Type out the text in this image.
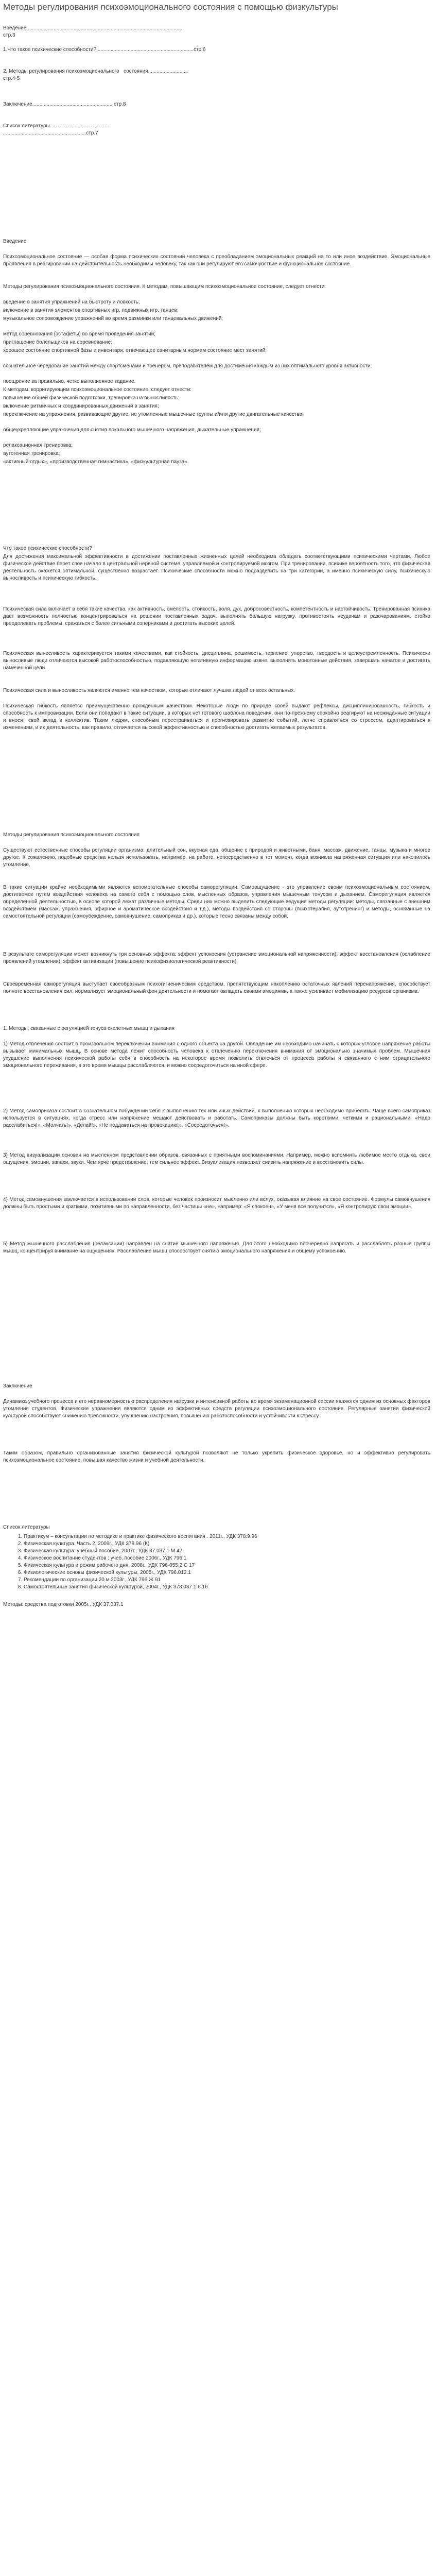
Методы регулирования психоэмоционального состояния с помощью физкультуры

Введение.............................................................................................................

стр.3

1.Что такое психические способности?....................................................................стр.6

2. Методы регулирования психоэмоционального   состояния............................

стр.4-5

Заключение.........................................................стр.8

Список литературы...........................................

..........................................................стр.7

Введение

Психоэмоциональное состояние — особая форма психических состояний человека с преобладанием эмоциональных реакций на то или иное воздействие. Эмоциональные проявления в реагировании на действительность необходимы человеку, так как они регулируют его самочувствие и функциональное состояние.

Методы регулирования психоэмоционального состояния. К методам, повышающим психоэмоциональное состояние, следует отнести:

введение в занятия упражнений на быстроту и ловкость;

включение в занятия элементов спортивных игр, подвижных игр, танцев;

музыкальное сопровождение упражнений во время разминки или танцевальных движений;

метод соревнования (эстафеты) во время проведения занятий;

приглашение болельщиков на соревнование;

хорошее состояние спортивной базы и инвентаря, отвечающее санитарным нормам состояние мест занятий;

сознательное чередование занятий между спортсменами и тренером, преподавателем для достижения каждым из них оптимального уровня активности;

поощрение за правильно, четко выполненное задание.

К методам, корригирующим психоэмоциональное состояние, следует отнести:

повышение общей физической подготовки, тренировка на выносливость;

включение ритмичных и координированных движений в занятия;

переключение на упражнения, развивающие другие, не утомленные мышечные группы и/или другие двигательные качества;

общеукрепляющие упражнения для снятия локального мышечного напряжения, дыхательные упражнения;

релаксационная тренировка;

аутогенная тренировка;

«активный отдых», «производственная гимнастика», «физкультурная пауза».

Что такое психические способности?

Для достижения максимальной эффективности в достижении поставленных жизненных целей необходима обладать соответствующими психическими чертами. Любое физическое действие берет свое начало в центральной нервной системе, управляемой и контролируемой мозгом. При тренировании, психике вероятность того, что физическая деятельность окажется оптимальной, существенно возрастает. Психические способности можно подразделить на три категории, а именно психическую силу, психическую выносливость и психическую гибкость.

Психическая сила включает в себя такие качества, как активность, смелость, стойкость, воля, дух, добросовестность, компетентность и настойчивость. Тренированная психика дает возможность полностью концентрироваться на решении поставленных задач, выполнять большую нагрузку, противостоять неудачам и разочарованиям, стойко преодолевать проблемы, сражаться с более сильными соперниками и достигать высоких целей.

Психическая выносливость характеризуется такими качествами, как стойкость, дисциплина, решимость, терпение, упорство, твердость и целеустремленность. Психически выносливые люди отличаются высокой работоспособностью, подавляющую негативную информацию извне, выполнять монотонные действия, завершать начатое и достигать намеченной цели.

Психическая сила и выносливость являются именно тем качеством, которые отличают лучших людей от всех остальных.

Психическая гибкость является преимущественно врожденным качеством. Некоторые люди по природе своей выдают рефлексы, дисциплинированность, гибкость и способность к импровизации. Если они попадают в такие ситуации, в которых нет готового шаблона поведения, они по-прежнему спокойно реагируют на неожиданные ситуации и вносят свой вклад в коллектив. Таким людям, способным перестраиваться и прогнозировать развитие событий, легче справляться со стрессом, адаптироваться к изменениям, и их деятельность, как правило, отличается высокой эффективностью и способностью достигать желаемых результатов.

Методы регулирования психоэмоционального состояния

Существуют естественные способы регуляции организма: длительный сон, вкусная еда, общение с природой и животными, баня, массаж, движение, танцы, музыка и многое другое. К сожалению, подобные средства нельзя использовать, например, на работе, непосредственно в тот момент, когда возникла напряженная ситуация или накопилось утомление.

В такие ситуации крайне необходимыми являются вспомогательные способы саморегуляции. Самоощущение - это управление своим психоэмоциональным состоянием, достигаемое путем воздействия человека на самого себя с помощью слов, мысленных образов, управления мышечным тонусом и дыханием. Саморегуляция является определенной деятельностью, в основе которой лежат различные методы. Среди них можно выделить следующие ведущие методы регуляции: методы, связанные с внешним воздействием (массаж, упражнения, эфирное и ароматическое воздействия и т.д.), методы воздействия со стороны (психотерапия, аутотренинг) и методы, основанные на самостоятельной регуляции (самоубеждение, самовнушение, самоприказ и др.), которые тесно связаны между собой.

В результате саморегуляции может возникнуть три основных эффекта: эффект успокоения (устранение эмоциональной напряженности); эффект восстановления (ослабление проявлений утомления); эффект активизации (повышение психофизиологической реактивности).

Своевременная саморегуляция выступает своеобразным психогигиеническим средством, препятствующим накоплению остаточных явлений перенапряжения, способствует полноте восстановления сил, нормализует эмоциональный фон деятельности и помогает овладеть своими эмоциями, а также усиливает мобилизацию ресурсов организма.

1. Методы, связанные с регуляцией тонуса скелетных мышц и дыхания

1) Метод отвлечения состоит в произвольном переключении внимания с одного объекта на другой. Овладение им необходимо начинать с которых угловое напряжение работы вызывает минимальных мышц. В основе метода лежит способность человека к отвлечению переключения внимания от эмоционально значимых проблем. Мышечная ухудшение выполнения психической работы себя в способность на некоторое время позволить отвлечься от процесса работы и связанного с ним отрицательного эмоционального переживания, в это время мышцы расслабляются, и можно сосредоточиться на иной сфере.

2) Метод самоприказа состоит в сознательном побуждении себя к выполнению тех или иных действий, к выполнению которых необходимо прибегать. Чаще всего самоприказ используется в ситуациях, когда стресс или напряжение мешают действовать и работать. Самоприказы должны быть короткими, четкими и рациональными: «Надо расслабиться!», «Молчать!», «Делай!», «Не поддаваться на провокацию!», «Сосредоточься!».

3) Метод визуализации основан на мысленном представлении образов, связанных с приятными воспоминаниями. Например, можно вспомнить любимое место отдыха, свои ощущения, эмоции, запахи, звуки. Чем ярче представление, тем сильнее эффект. Визуализация позволяет снизить напряжение и восстановить силы.

4) Метод самовнушения заключается в использовании слов, которые человек произносит мысленно или вслух, оказывая влияние на свое состояние. Формулы самовнушения должны быть простыми и краткими, позитивными по направленности, без частицы «не», например: «Я спокоен», «У меня все получится», «Я контролирую свои эмоции».

5) Метод мышечного расслабления (релаксации) направлен на снятие мышечного напряжения. Для этого необходимо поочередно напрягать и расслаблять разные группы мышц, концентрируя внимание на ощущениях. Расслабление мышц способствует снятию эмоционального напряжения и общему успокоению.

Заключение

Динамика учебного процесса и его неравномерностью распределения нагрузки и интенсивной работы во время экзаменационной сессии являются одним из основных факторов утомления студентов. Физические упражнения являются одним из эффективных средств регуляции психоэмоционального состояния. Регулярные занятия физической культурой способствуют снижению тревожности, улучшению настроения, повышению работоспособности и устойчивости к стрессу.

Таким образом, правильно организованные занятия физической культурой позволяют не только укрепить физическое здоровье, но и эффективно регулировать психоэмоциональное состояние, повышая качество жизни и учебной деятельности.

Список литературы

1. Практикум – консультации по методике и практике физического воспитания . 2011г., УДК 378:9.96
2. Физическая культура. Часть 2, 2009г., УДК 378.96 (К)
3. Физическая культура: учебный пособие, 2007г., УДК 37.037.1 М 42
4. Физическое воспитание студентов : учеб. пособие 2006г., УДК 796.1
5. Физическая культура и режим рабочего дня, 2008г., УДК 796-055.2 С 17
6. Физиологические основы физической культуры, 2005г., УДК 796.012.1
7. Рекомендации по организации 20.м.2003г., УДК 796 Ж 91
8. Самостоятельные занятия физической культурой, 2004г., УДК 378.037.1.6.16

Методы: средства подготовки 2005г., УДК 37.037.1
